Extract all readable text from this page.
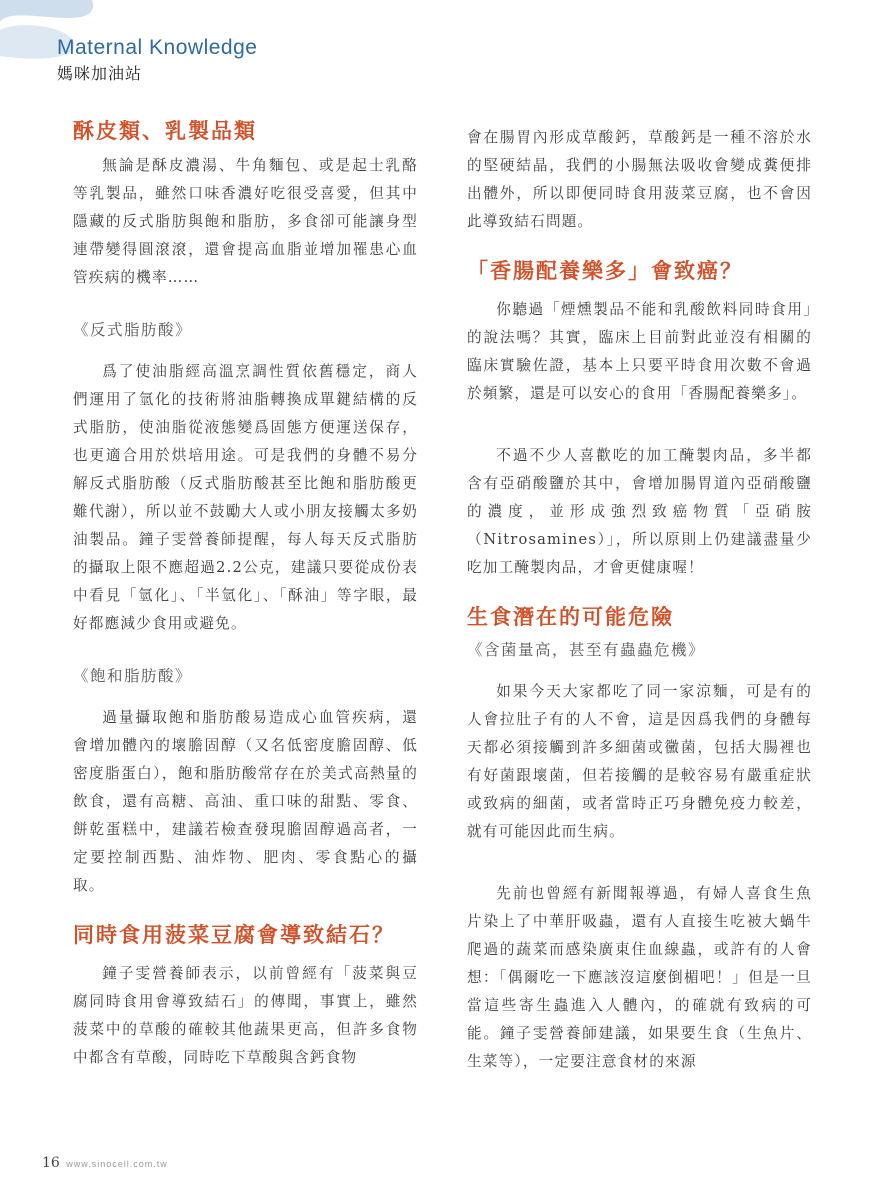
Maternal Knowledge
媽咪加油站
酥皮類、乳製品類

無論是酥皮濃湯、牛角麵包、或是起士乳酪等乳製品，雖然口味香濃好吃很受喜愛，但其中隱藏的反式脂肪與飽和脂肪，多食卻可能讓身型連帶變得圓滾滾，還會提高血脂並增加罹患心血管疾病的機率……

《反式脂肪酸》

爲了使油脂經高溫烹調性質依舊穩定，商人們運用了氫化的技術將油脂轉換成單鍵結構的反式脂肪，使油脂從液態變爲固態方便運送保存，也更適合用於烘培用途。可是我們的身體不易分解反式脂肪酸（反式脂肪酸甚至比飽和脂肪酸更難代謝），所以並不鼓勵大人或小朋友接觸太多奶油製品。鐘子雯營養師提醒，每人每天反式脂肪的攝取上限不應超過2.2公克，建議只要從成份表中看見「氫化」、「半氫化」、「酥油」等字眼，最好都應減少食用或避免。

《飽和脂肪酸》

過量攝取飽和脂肪酸易造成心血管疾病，還會增加體內的壞膽固醇（又名低密度膽固醇、低密度脂蛋白），飽和脂肪酸常存在於美式高熱量的飲食，還有高糖、高油、重口味的甜點、零食、餅乾蛋糕中，建議若檢查發現膽固醇過高者，一定要控制西點、油炸物、肥肉、零食點心的攝取。

同時食用菠菜豆腐會導致結石？

鐘子雯營養師表示，以前曾經有「菠菜與豆腐同時食用會導致結石」的傳聞，事實上，雖然菠菜中的草酸的確較其他蔬果更高，但許多食物中都含有草酸，同時吃下草酸與含鈣食物

會在腸胃內形成草酸鈣，草酸鈣是一種不溶於水的堅硬結晶，我們的小腸無法吸收會變成糞便排出體外，所以即便同時食用菠菜豆腐，也不會因此導致結石問題。

「香腸配養樂多」會致癌？

你聽過「煙燻製品不能和乳酸飲料同時食用」的說法嗎？其實，臨床上目前對此並沒有相關的臨床實驗佐證，基本上只要平時食用次數不會過於頻繁，還是可以安心的食用「香腸配養樂多」。

不過不少人喜歡吃的加工醃製肉品，多半都含有亞硝酸鹽於其中，會增加腸胃道內亞硝酸鹽的濃度，並形成強烈致癌物質「亞硝胺（Nitrosamines）」，所以原則上仍建議盡量少吃加工醃製肉品，才會更健康喔！

生食潛在的可能危險

《含菌量高，甚至有蟲蟲危機》

如果今天大家都吃了同一家涼麵，可是有的人會拉肚子有的人不會，這是因爲我們的身體每天都必須接觸到許多細菌或黴菌，包括大腸裡也有好菌跟壞菌，但若接觸的是較容易有嚴重症狀或致病的細菌，或者當時正巧身體免疫力較差，就有可能因此而生病。

先前也曾經有新聞報導過，有婦人喜食生魚片染上了中華肝吸蟲，還有人直接生吃被大蝸牛爬過的蔬菜而感染廣東住血線蟲，或許有的人會想：「偶爾吃一下應該沒這麼倒楣吧！」但是一旦當這些寄生蟲進入人體內，的確就有致病的可能。鐘子雯營養師建議，如果要生食（生魚片、生菜等），一定要注意食材的來源

16 www.sinocell.com.tw
